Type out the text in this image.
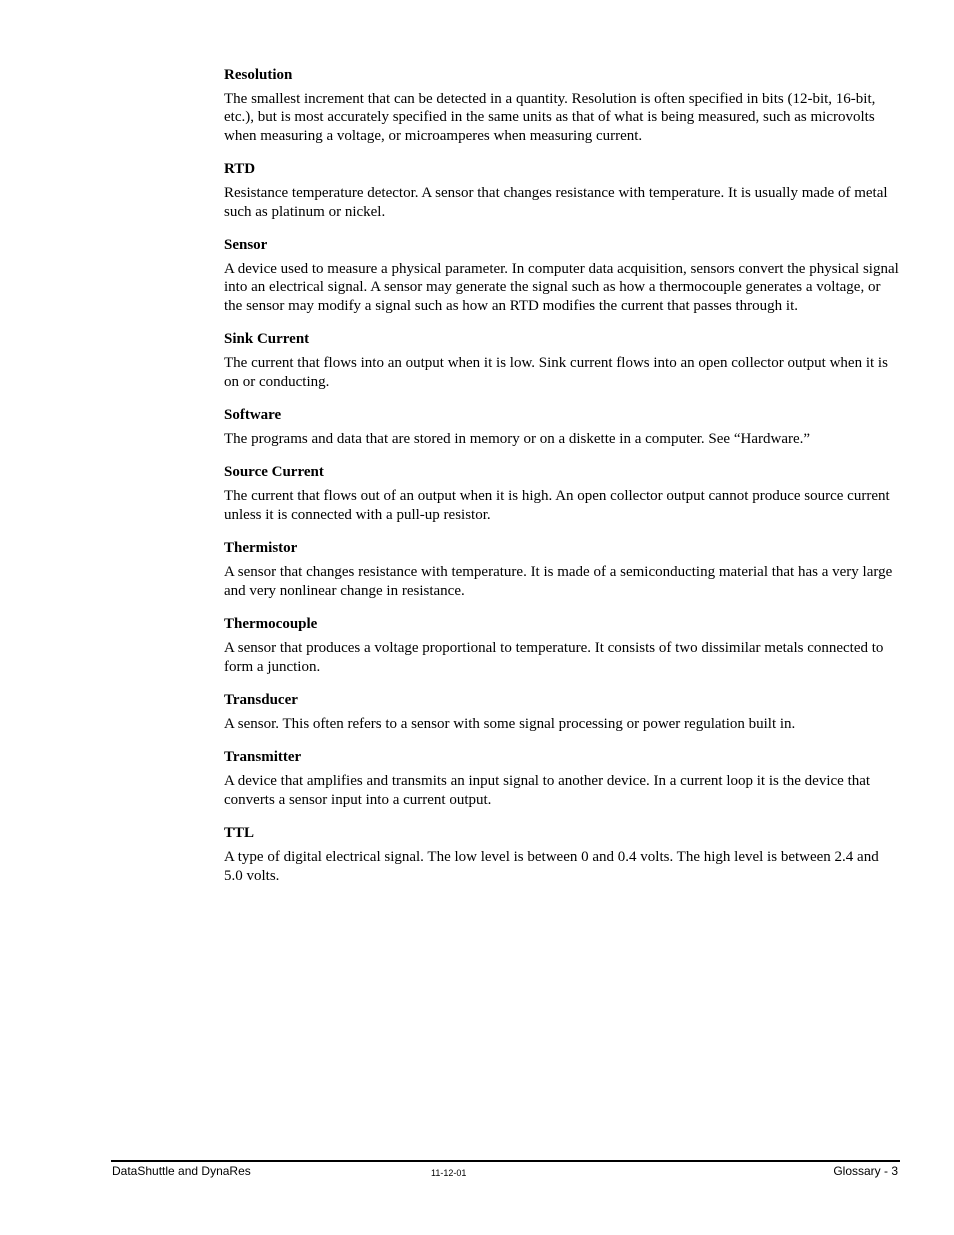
Resolution

The smallest increment that can be detected in a quantity. Resolution is often specified in bits (12-bit, 16-bit, etc.), but is most accurately specified in the same units as that of what is being measured, such as microvolts when measuring a voltage, or microamperes when measuring current.

RTD

Resistance temperature detector. A sensor that changes resistance with temperature. It is usually made of metal such as platinum or nickel.

Sensor

A device used to measure a physical parameter. In computer data acquisition, sensors convert the physical signal into an electrical signal. A sensor may generate the signal such as how a thermocouple generates a voltage, or the sensor may modify a signal such as how an RTD modifies the current that passes through it.

Sink Current

The current that flows into an output when it is low. Sink current flows into an open collector output when it is on or conducting.

Software

The programs and data that are stored in memory or on a diskette in a computer. See “Hardware.”

Source Current

The current that flows out of an output when it is high. An open collector output cannot produce source current unless it is connected with a pull-up resistor.

Thermistor

A sensor that changes resistance with temperature. It is made of a semiconducting material that has a very large and very nonlinear change in resistance.

Thermocouple

A sensor that produces a voltage proportional to temperature. It consists of two dissimilar metals connected to form a junction.

Transducer

A sensor. This often refers to a sensor with some signal processing or power regulation built in.

Transmitter

A device that amplifies and transmits an input signal to another device. In a current loop it is the device that converts a sensor input into a current output.

TTL

A type of digital electrical signal. The low level is between 0 and 0.4 volts. The high level is between 2.4 and 5.0 volts.

DataShuttle and DynaRes	11-12-01	Glossary - 3
